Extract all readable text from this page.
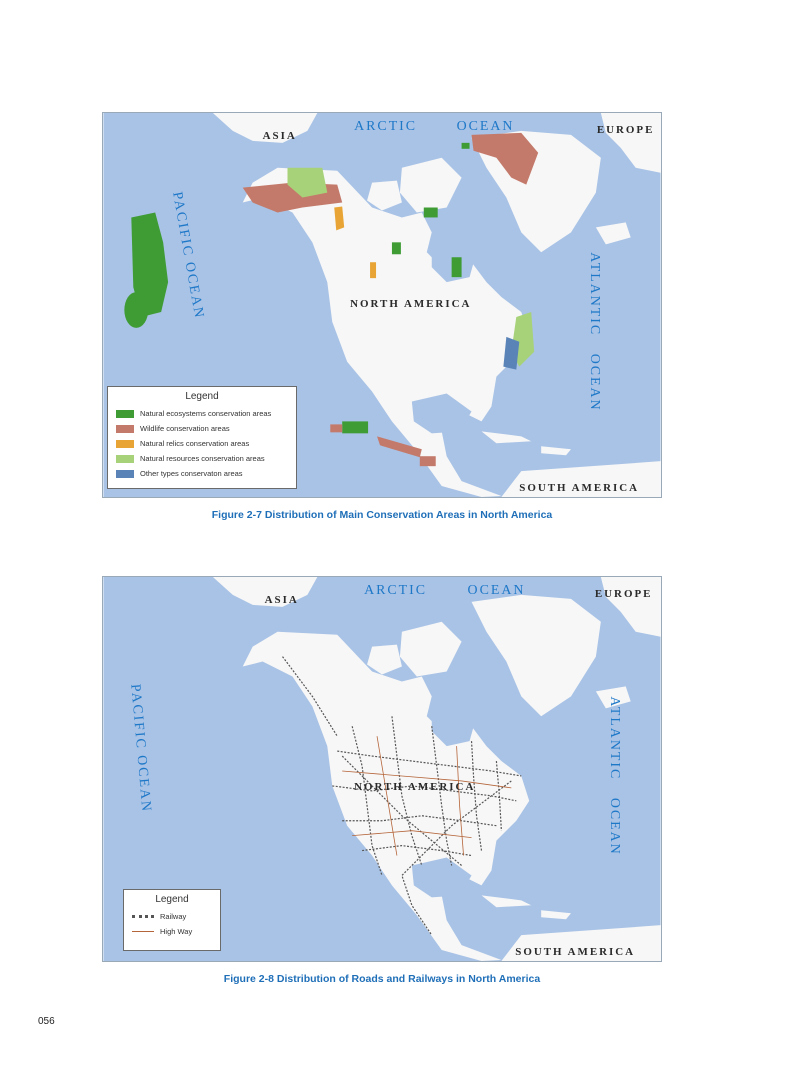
ARCTIC	OCEAN
ASIA	EUROPE
PACIFIC OCEAN	ATLANTIC
OCEAN
NORTH AMERICA
SOUTH AMERICA
Legend
Natural ecosystems conservation areas
Wildlife conservation areas
Natural relics conservation areas
Natural resources conservation areas
Other types conservaton areas
Figure 2-7 Distribution of Main Conservation Areas in North America
ARCTIC	OCEAN
ASIA	EUROPE
PACIFIC OCEAN	ATLANTIC
OCEAN
NORTH AMERICA
SOUTH AMERICA
Legend
Railway
High Way
Figure 2-8 Distribution of Roads and Railways in North America
056
